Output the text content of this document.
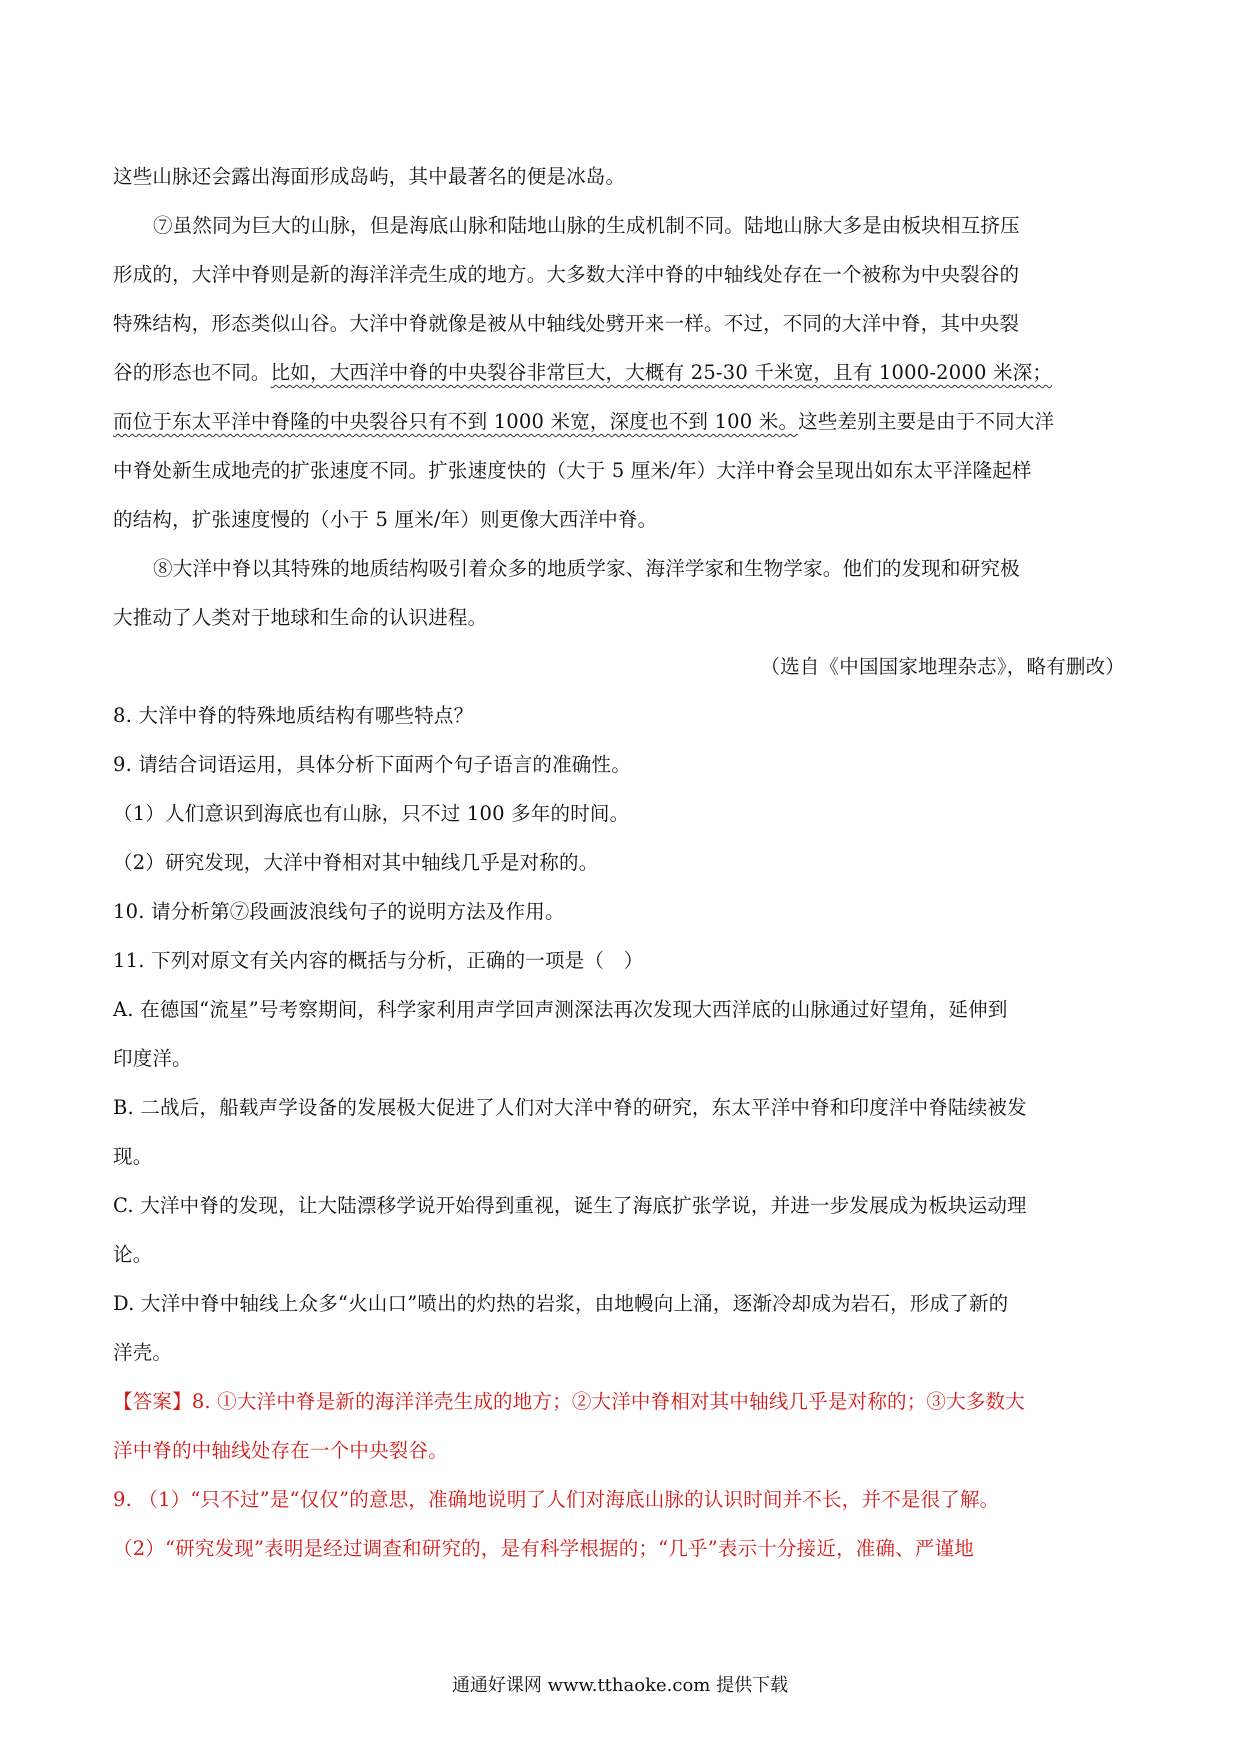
这些山脉还会露出海面形成岛屿，其中最著名的便是冰岛。
⑦虽然同为巨大的山脉，但是海底山脉和陆地山脉的生成机制不同。陆地山脉大多是由板块相互挤压
形成的，大洋中脊则是新的海洋洋壳生成的地方。大多数大洋中脊的中轴线处存在一个被称为中央裂谷的
特殊结构，形态类似山谷。大洋中脊就像是被从中轴线处劈开来一样。不过，不同的大洋中脊，其中央裂
谷的形态也不同。比如，大西洋中脊的中央裂谷非常巨大，大概有 25-30 千米宽，且有 1000-2000 米深；
而位于东太平洋中脊隆的中央裂谷只有不到 1000 米宽，深度也不到 100 米。这些差别主要是由于不同大洋
中脊处新生成地壳的扩张速度不同。扩张速度快的（大于 5 厘米/年）大洋中脊会呈现出如东太平洋隆起样
的结构，扩张速度慢的（小于 5 厘米/年）则更像大西洋中脊。
⑧大洋中脊以其特殊的地质结构吸引着众多的地质学家、海洋学家和生物学家。他们的发现和研究极
大推动了人类对于地球和生命的认识进程。
（选自《中国国家地理杂志》，略有删改）
8. 大洋中脊的特殊地质结构有哪些特点？
9. 请结合词语运用，具体分析下面两个句子语言的准确性。
（1）人们意识到海底也有山脉，只不过 100 多年的时间。
（2）研究发现，大洋中脊相对其中轴线几乎是对称的。
10. 请分析第⑦段画波浪线句子的说明方法及作用。
11. 下列对原文有关内容的概括与分析，正确的一项是（　）
A. 在德国“流星”号考察期间，科学家利用声学回声测深法再次发现大西洋底的山脉通过好望角，延伸到
印度洋。
B. 二战后，船载声学设备的发展极大促进了人们对大洋中脊的研究，东太平洋中脊和印度洋中脊陆续被发
现。
C. 大洋中脊的发现，让大陆漂移学说开始得到重视，诞生了海底扩张学说，并进一步发展成为板块运动理
论。
D. 大洋中脊中轴线上众多“火山口”喷出的灼热的岩浆，由地幔向上涌，逐渐冷却成为岩石，形成了新的
洋壳。
【答案】8. ①大洋中脊是新的海洋洋壳生成的地方；②大洋中脊相对其中轴线几乎是对称的；③大多数大
洋中脊的中轴线处存在一个中央裂谷。
9. （1）“只不过”是“仅仅”的意思，准确地说明了人们对海底山脉的认识时间并不长，并不是很了解。
（2）“研究发现”表明是经过调查和研究的，是有科学根据的；“几乎”表示十分接近，准确、严谨地
通通好课网 www.tthaoke.com 提供下载
